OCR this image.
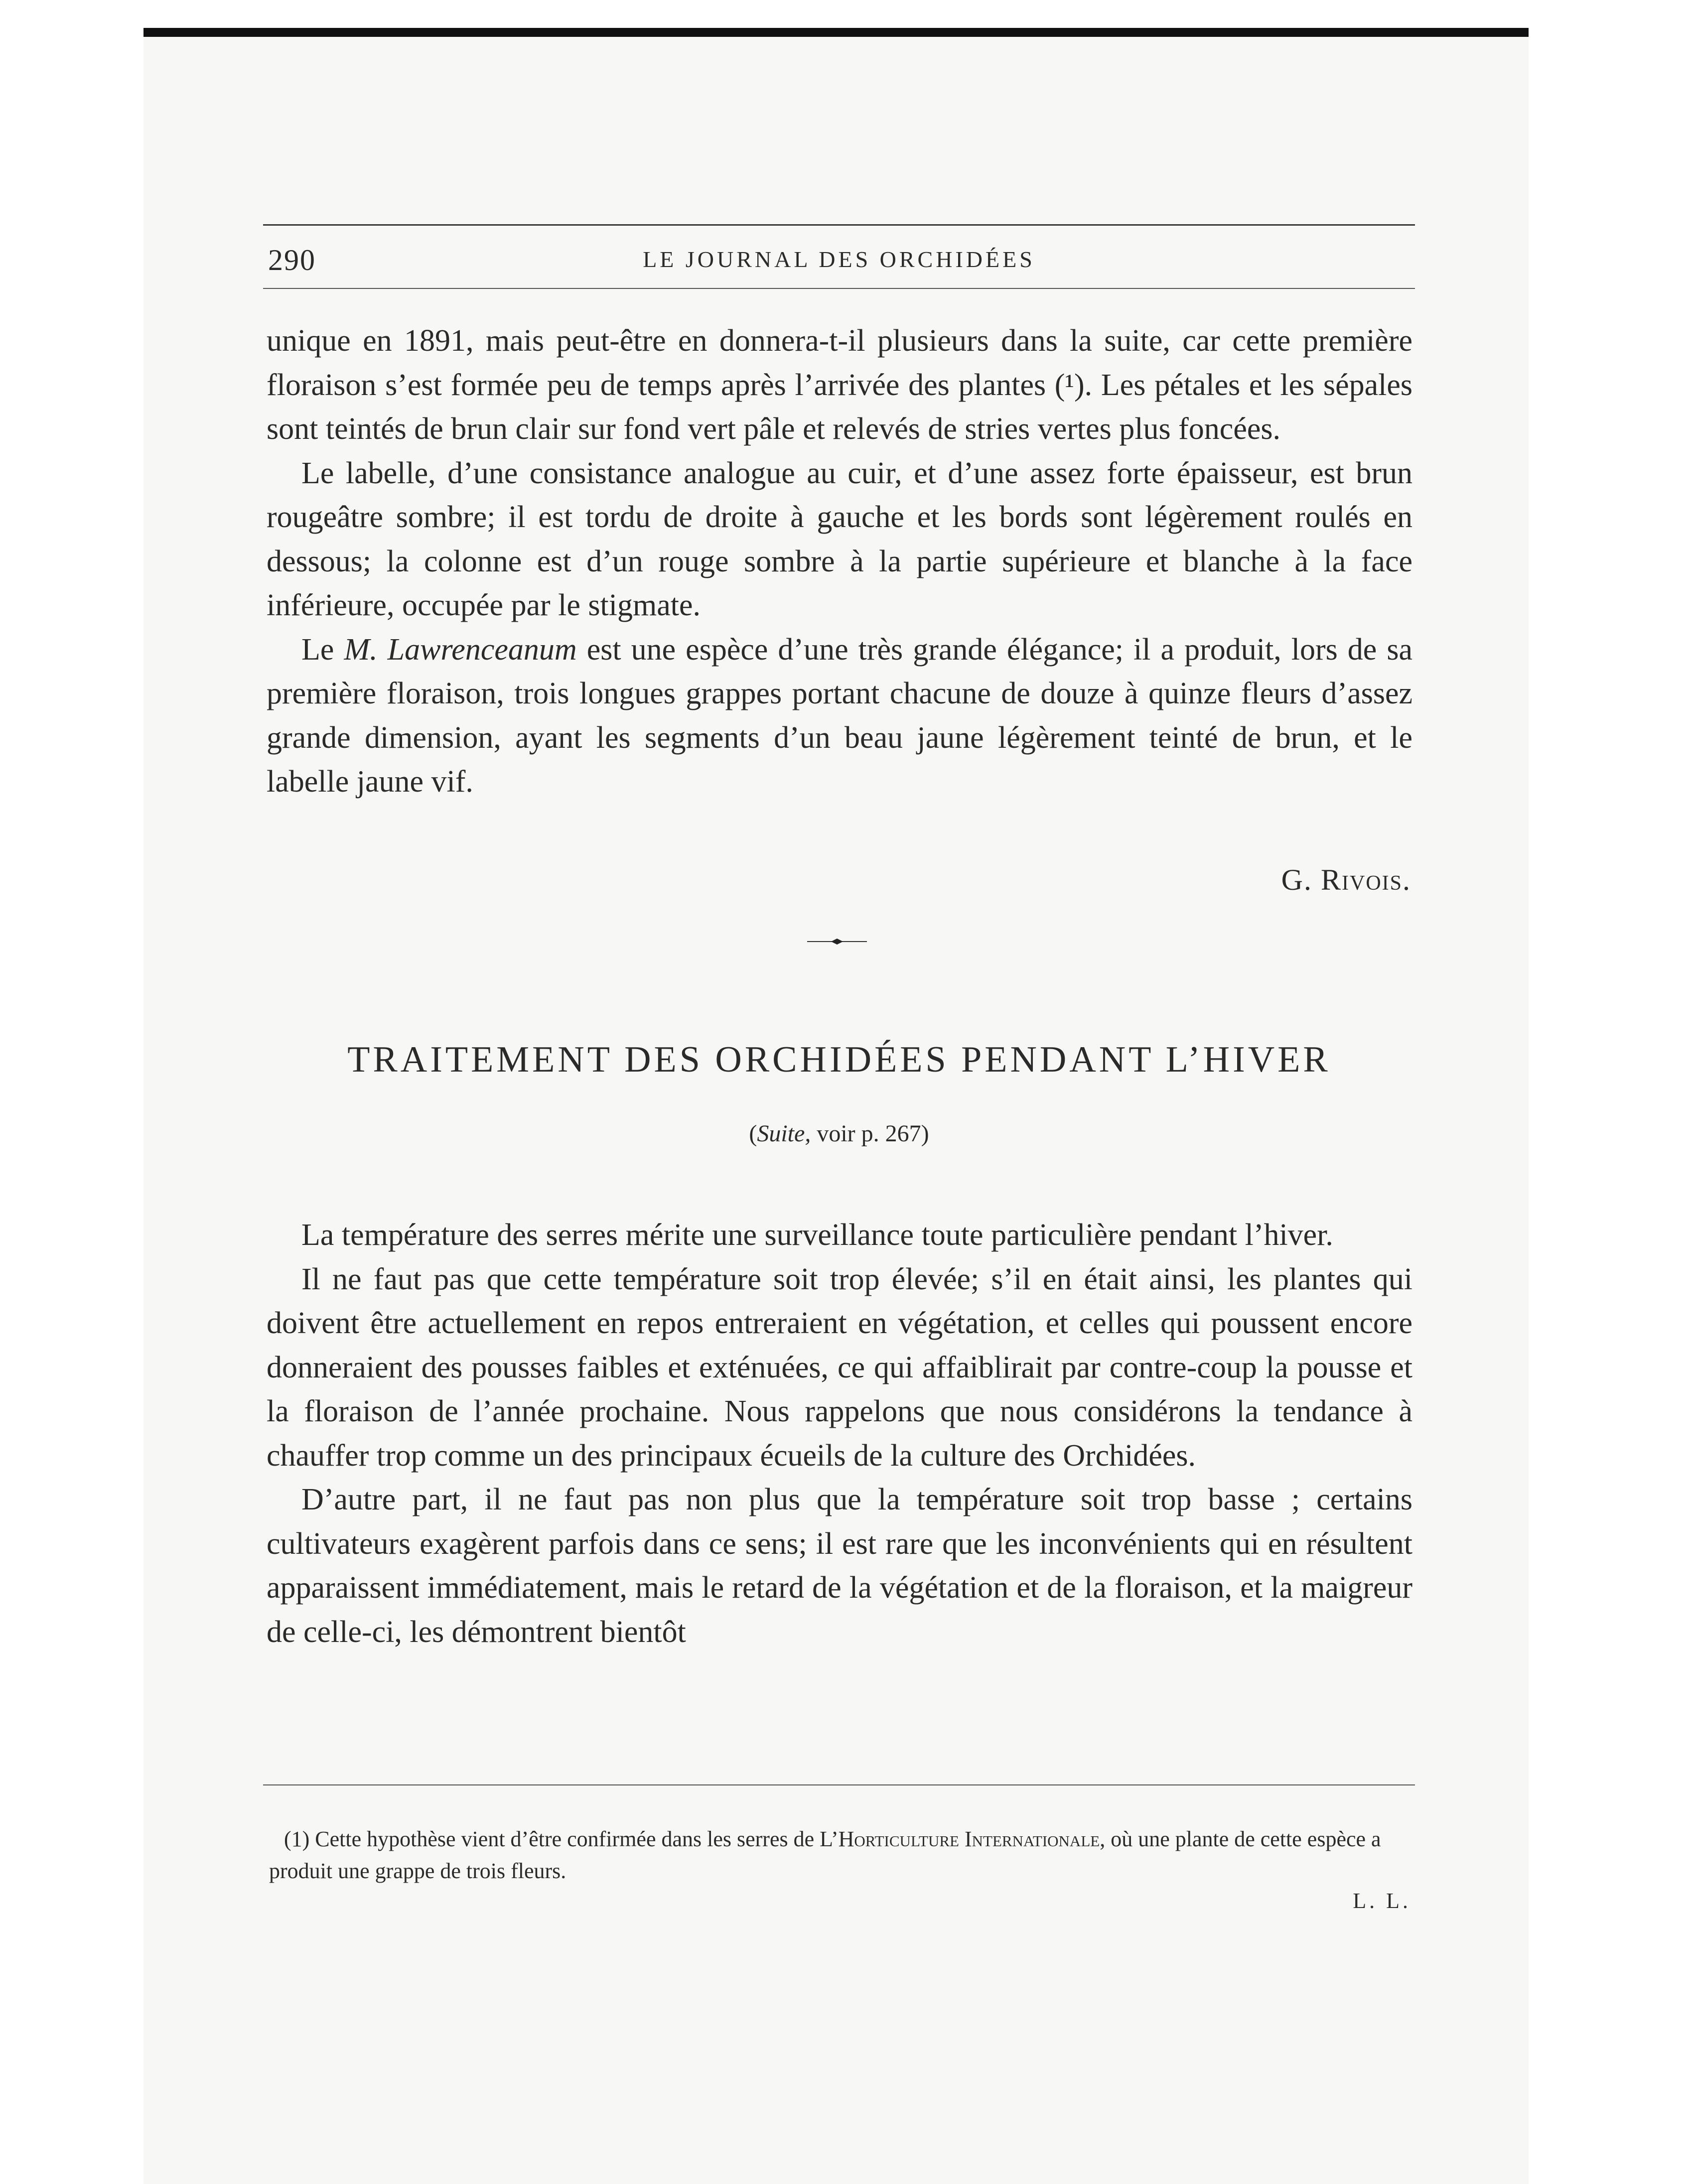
290	LE JOURNAL DES ORCHIDÉES

unique en 1891, mais peut-être en donnera-t-il plusieurs dans la suite, car cette première floraison s’est formée peu de temps après l’arrivée des plantes (¹). Les pétales et les sépales sont teintés de brun clair sur fond vert pâle et relevés de stries vertes plus foncées.

Le labelle, d’une consistance analogue au cuir, et d’une assez forte épaisseur, est brun rougeâtre sombre; il est tordu de droite à gauche et les bords sont légèrement roulés en dessous; la colonne est d’un rouge sombre à la partie supérieure et blanche à la face inférieure, occupée par le stigmate.

Le M. Lawrenceanum est une espèce d’une très grande élégance; il a produit, lors de sa première floraison, trois longues grappes portant chacune de douze à quinze fleurs d’assez grande dimension, ayant les segments d’un beau jaune légèrement teinté de brun, et le labelle jaune vif.

G. Rivois.
TRAITEMENT DES ORCHIDÉES PENDANT L’HIVER
(Suite, voir p. 267)

La température des serres mérite une surveillance toute particulière pendant l’hiver.

Il ne faut pas que cette température soit trop élevée; s’il en était ainsi, les plantes qui doivent être actuellement en repos entreraient en végétation, et celles qui poussent encore donneraient des pousses faibles et exténuées, ce qui affaiblirait par contre-coup la pousse et la floraison de l’année prochaine. Nous rappelons que nous considérons la tendance à chauffer trop comme un des principaux écueils de la culture des Orchidées.

D’autre part, il ne faut pas non plus que la température soit trop basse ; certains cultivateurs exagèrent parfois dans ce sens; il est rare que les inconvénients qui en résultent apparaissent immédiatement, mais le retard de la végétation et de la floraison, et la maigreur de celle-ci, les démontrent bientôt

(1) Cette hypothèse vient d’être confirmée dans les serres de L’Horticulture Internationale, où une plante de cette espèce a produit une grappe de trois fleurs.

L. L.
